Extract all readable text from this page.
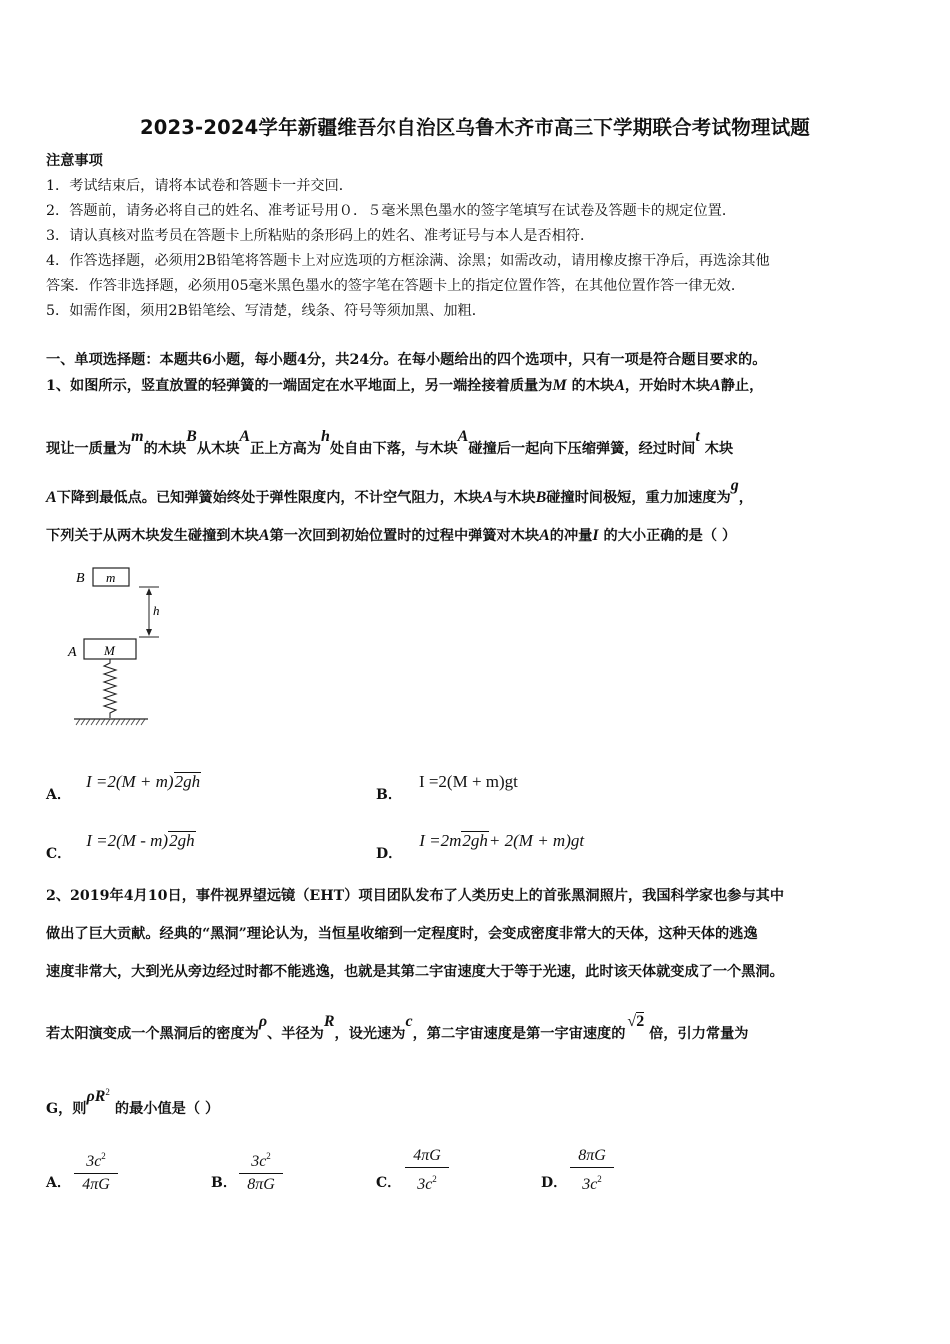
2023-2024学年新疆维吾尔自治区乌鲁木齐市高三下学期联合考试物理试题
注意事项
1．考试结束后，请将本试卷和答题卡一并交回．
2．答题前，请务必将自己的姓名、准考证号用０．５毫米黑色墨水的签字笔填写在试卷及答题卡的规定位置．
3．请认真核对监考员在答题卡上所粘贴的条形码上的姓名、准考证号与本人是否相符．
4．作答选择题，必须用2B铅笔将答题卡上对应选项的方框涂满、涂黑；如需改动，请用橡皮擦干净后，再选涂其他
答案．作答非选择题，必须用05毫米黑色墨水的签字笔在答题卡上的指定位置作答，在其他位置作答一律无效．
5．如需作图，须用2B铅笔绘、写清楚，线条、符号等须加黑、加粗．
一、单项选择题：本题共6小题，每小题4分，共24分。在每小题给出的四个选项中，只有一项是符合题目要求的。
1、如图所示，竖直放置的轻弹簧的一端固定在水平地面上，另一端拴接着质量为M 的木块A，开始时木块A静止，
现让一质量为m的木块B从木块A正上方高为h处自由下落，与木块A碰撞后一起向下压缩弹簧，经过时间t 木块
A下降到最低点。已知弹簧始终处于弹性限度内，不计空气阻力，木块A与木块B碰撞时间极短，重力加速度为g，
下列关于从两木块发生碰撞到木块A第一次回到初始位置时的过程中弹簧对木块A的冲量I 的大小正确的是（ ）
B m
h
A M
A． I =2(M + m)2gh
B． I =2(M + m)gt
C． I =2(M - m)2gh
D． I =2m2gh+ 2(M + m)gt
2、2019年4月10日，事件视界望远镜（EHT）项目团队发布了人类历史上的首张黑洞照片，我国科学家也参与其中
做出了巨大贡献。经典的“黑洞”理论认为，当恒星收缩到一定程度时，会变成密度非常大的天体，这种天体的逃逸
速度非常大，大到光从旁边经过时都不能逃逸，也就是其第二宇宙速度大于等于光速，此时该天体就变成了一个黑洞。
若太阳演变成一个黑洞后的密度为ρ、半径为R，设光速为c，第二宇宙速度是第一宇宙速度的√2 倍，引力常量为
G，则$\rho R^2$ 的最小值是（ ）
A．
$3c^2$
4πG	B．
$3c^2$
8πG	C．
4πG
$3c^2$	D．
8πG
$3c^2$
